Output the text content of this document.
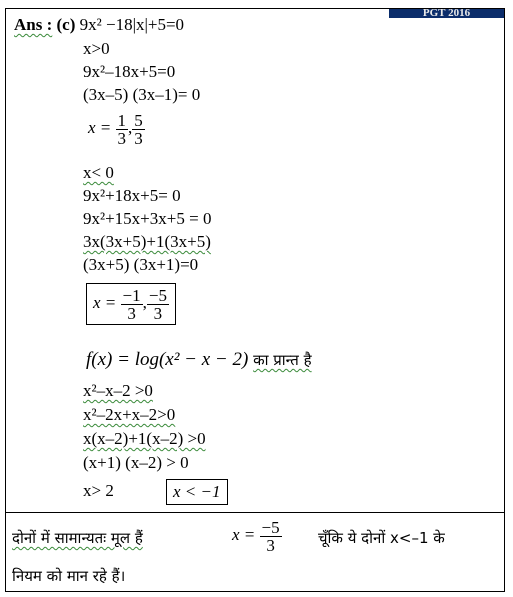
PGT 2016
Ans : (c) 9x² −18|x|+5=0
x>0
9x²–18x+5=0
(3x–5) (3x–1)= 0
$x = \frac{1}{3}$ , $\frac{5}{3}$
x< 0
9x²+18x+5= 0
9x²+15x+3x+5 = 0
3x(3x+5)+1(3x+5)
(3x+5) (3x+1)=0
$x = \frac{-1}{3}$ , $\frac{-5}{3}$
f(x) = log(x² − x − 2) का प्रान्त है
x²–x–2 >0
x²–2x+x–2>0
x(x–2)+1(x–2) >0
(x+1) (x–2) > 0
x> 2	x < −1
दोनों में सामान्यतः मूल हैं	$x = \frac{-5}{3}$ चूँकि ये दोनों x<–1 के
नियम को मान रहे हैं।
